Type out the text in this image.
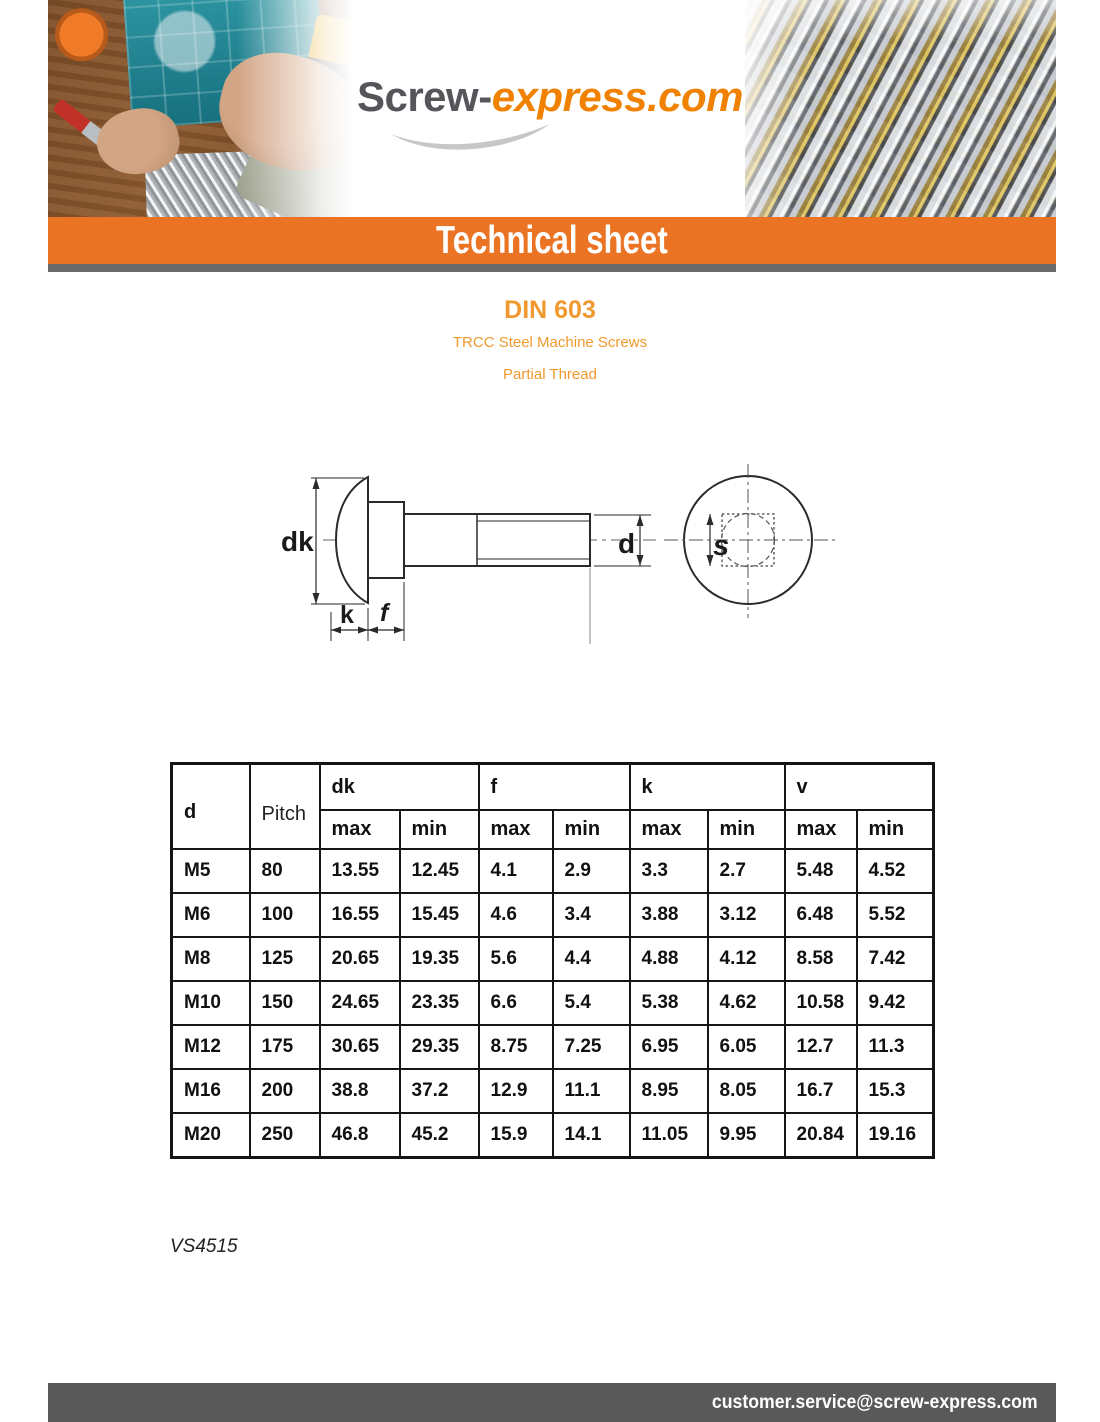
Screw-express.com
Technical sheet
DIN 603
TRCC Steel Machine Screws
Partial Thread
dk	d
k f
s
d	Pitch	dk		f		k		v	
		max	min	max	min	max	min	max	min
M5	80	13.55	12.45	4.1	2.9	3.3	2.7	5.48	4.52
M6	100	16.55	15.45	4.6	3.4	3.88	3.12	6.48	5.52
M8	125	20.65	19.35	5.6	4.4	4.88	4.12	8.58	7.42
M10	150	24.65	23.35	6.6	5.4	5.38	4.62	10.58	9.42
M12	175	30.65	29.35	8.75	7.25	6.95	6.05	12.7	11.3
M16	200	38.8	37.2	12.9	11.1	8.95	8.05	16.7	15.3
M20	250	46.8	45.2	15.9	14.1	11.05	9.95	20.84	19.16
VS4515
customer.service@screw-express.com
